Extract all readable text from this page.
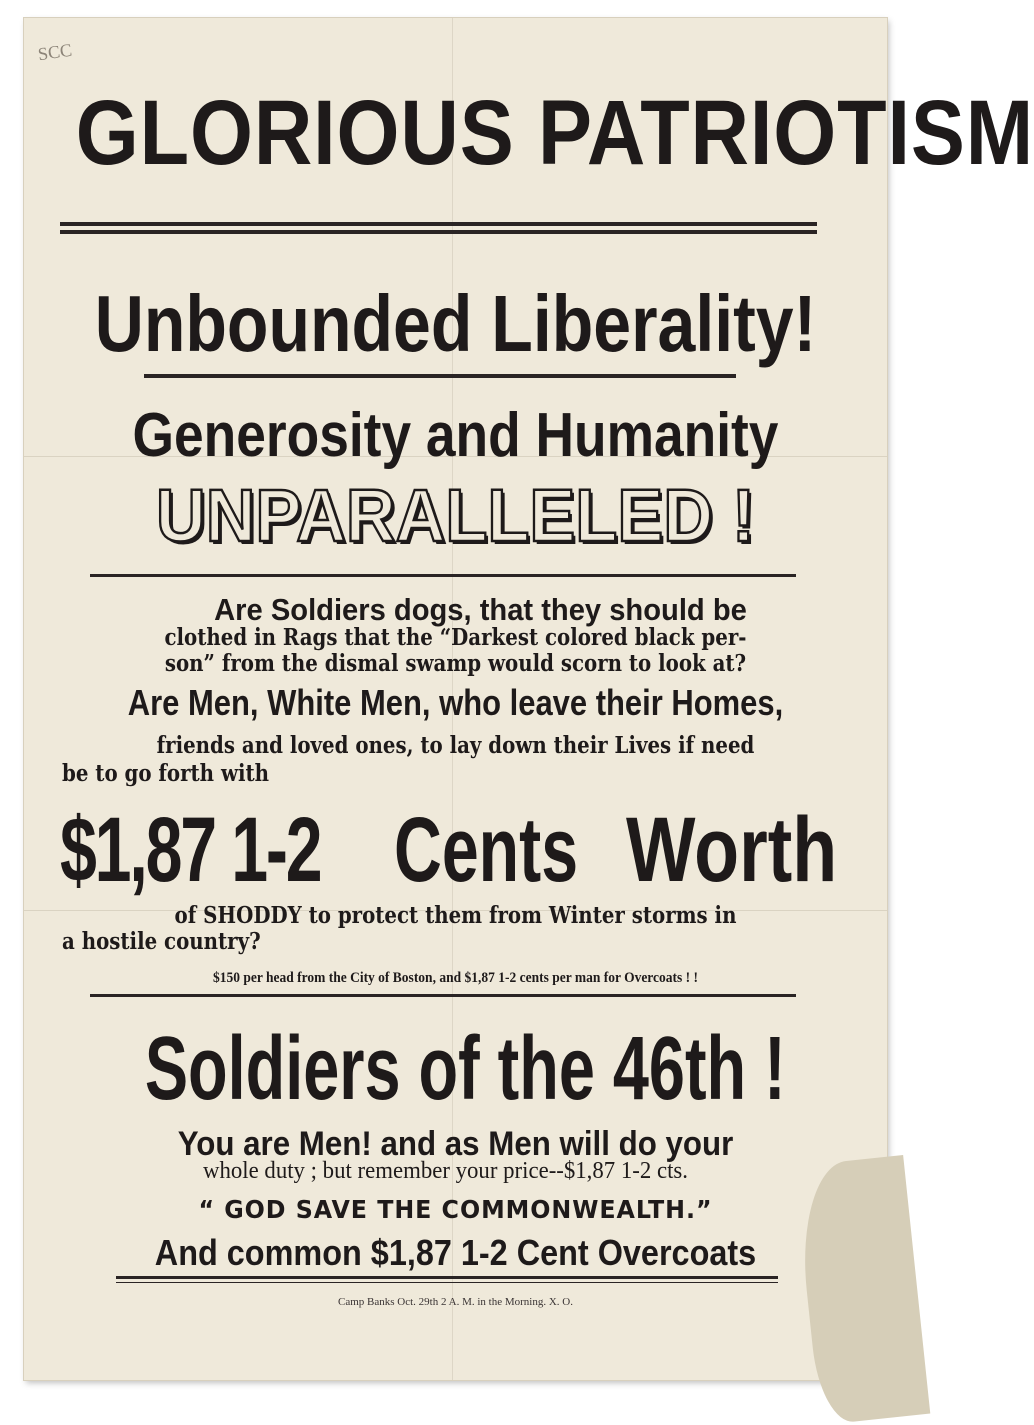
SCC
GLORIOUS PATRIOTISM
Unbounded Liberality!
Generosity and Humanity
UNPARALLELED !
Are Soldiers dogs, that they should be
clothed in Rags that the “Darkest colored black per-
son” from the dismal swamp would scorn to look at?
Are Men, White Men, who leave their Homes,
friends and loved ones, to lay down their Lives if need
be to go forth with
$1,87 1-2 Cents Worth
of SHODDY to protect them from Winter storms in
a hostile country?
$150 per head from the City of Boston, and $1,87 1-2 cents per man for Overcoats ! !
Soldiers of the 46th !
You are Men! and as Men will do your
whole duty ; but remember your price--$1,87 1-2 cts.
“ GOD SAVE THE COMMONWEALTH.”
And common $1,87 1-2 Cent Overcoats
Camp Banks Oct. 29th 2 A. M. in the Morning. X. O.
